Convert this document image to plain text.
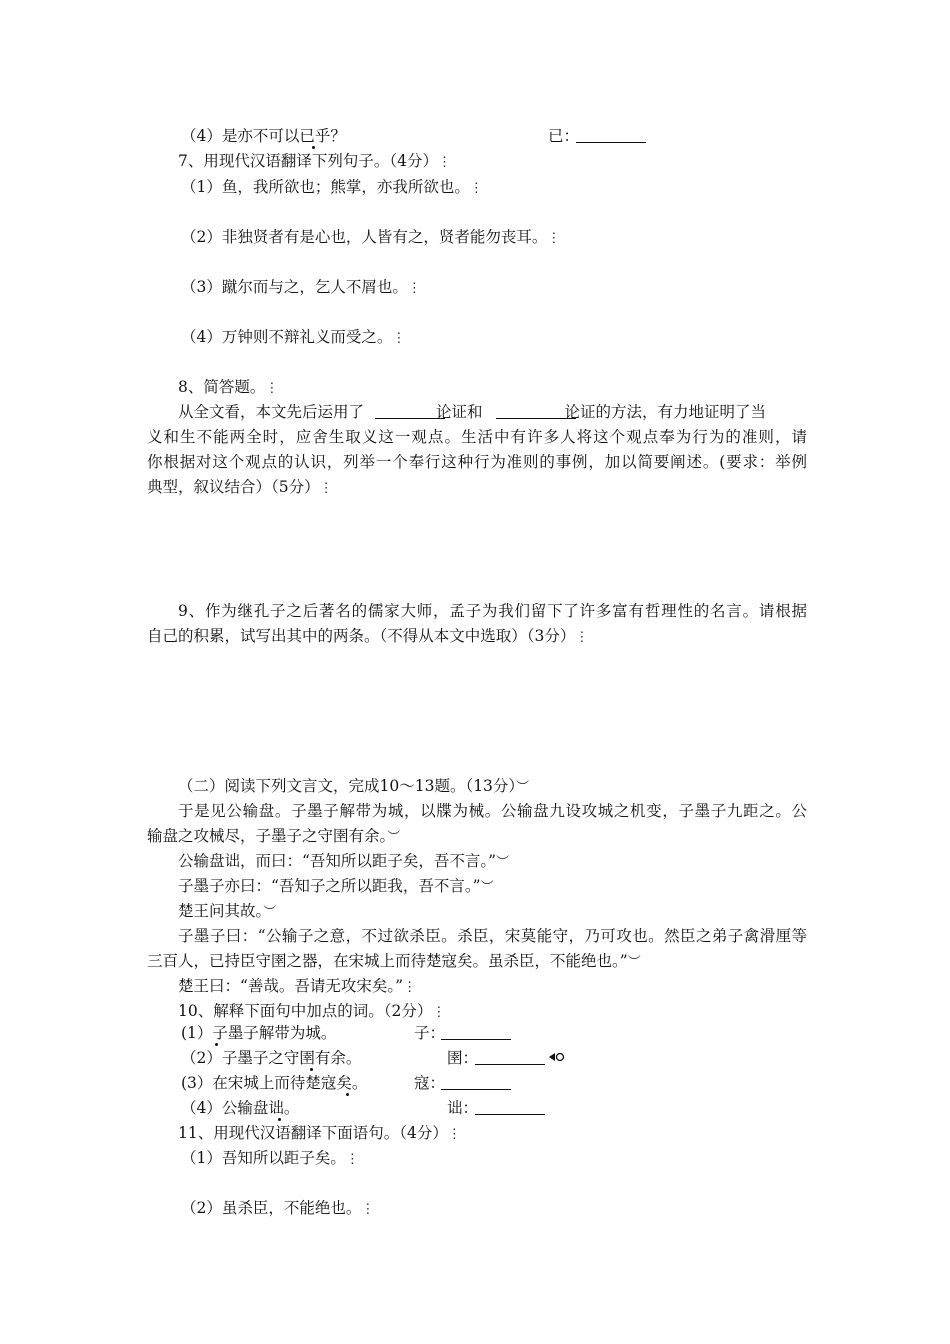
（4）是亦不可以已乎？	已：
7、用现代汉语翻译下列句子。（4分）⋮
（1）鱼，我所欲也；熊掌，亦我所欲也。⋮
（2）非独贤者有是心也，人皆有之，贤者能勿丧耳。⋮
（3）蹴尔而与之，乞人不屑也。⋮
（4）万钟则不辩礼义而受之。⋮
8、简答题。⋮
从全文看，本文先后运用了	论证和	论证的方法，有力地证明了当
义和生不能两全时，应舍生取义这一观点。生活中有许多人将这个观点奉为行为的准则，请
你根据对这个观点的认识，列举一个奉行这种行为准则的事例，加以简要阐述。(要求：举例
典型，叙议结合）（5分）⋮
9、作为继孔子之后著名的儒家大师，孟子为我们留下了许多富有哲理性的名言。请根据
自己的积累，试写出其中的两条。（不得从本文中选取）（3分）⋮
（二）阅读下列文言文，完成10～13题。（13分）︶
于是见公输盘。子墨子解带为城，以牒为械。公输盘九设攻城之机变，子墨子九距之。公
输盘之攻械尽，子墨子之守圉有余。︶
公输盘诎，而曰：“吾知所以距子矣，吾不言。”︶
子墨子亦曰：“吾知子之所以距我，吾不言。”︶
楚王问其故。︶
子墨子曰：“公输子之意，不过欲杀臣。杀臣，宋莫能守，乃可攻也。然臣之弟子禽滑厘等
三百人，已持臣守圉之器，在宋城上而待楚寇矣。虽杀臣，不能绝也。”︶
楚王曰：“善哉。吾请无攻宋矣。”⋮
10、解释下面句中加点的词。（2分）⋮
(1）子墨子解带为城。	子：
（2）子墨子之守圉有余。	圉：
(3）在宋城上而待楚寇矣。	寇：
（4）公输盘诎。	诎：
11、用现代汉语翻译下面语句。（4分）⋮
（1）吾知所以距子矣。⋮
（2）虽杀臣，不能绝也。⋮
